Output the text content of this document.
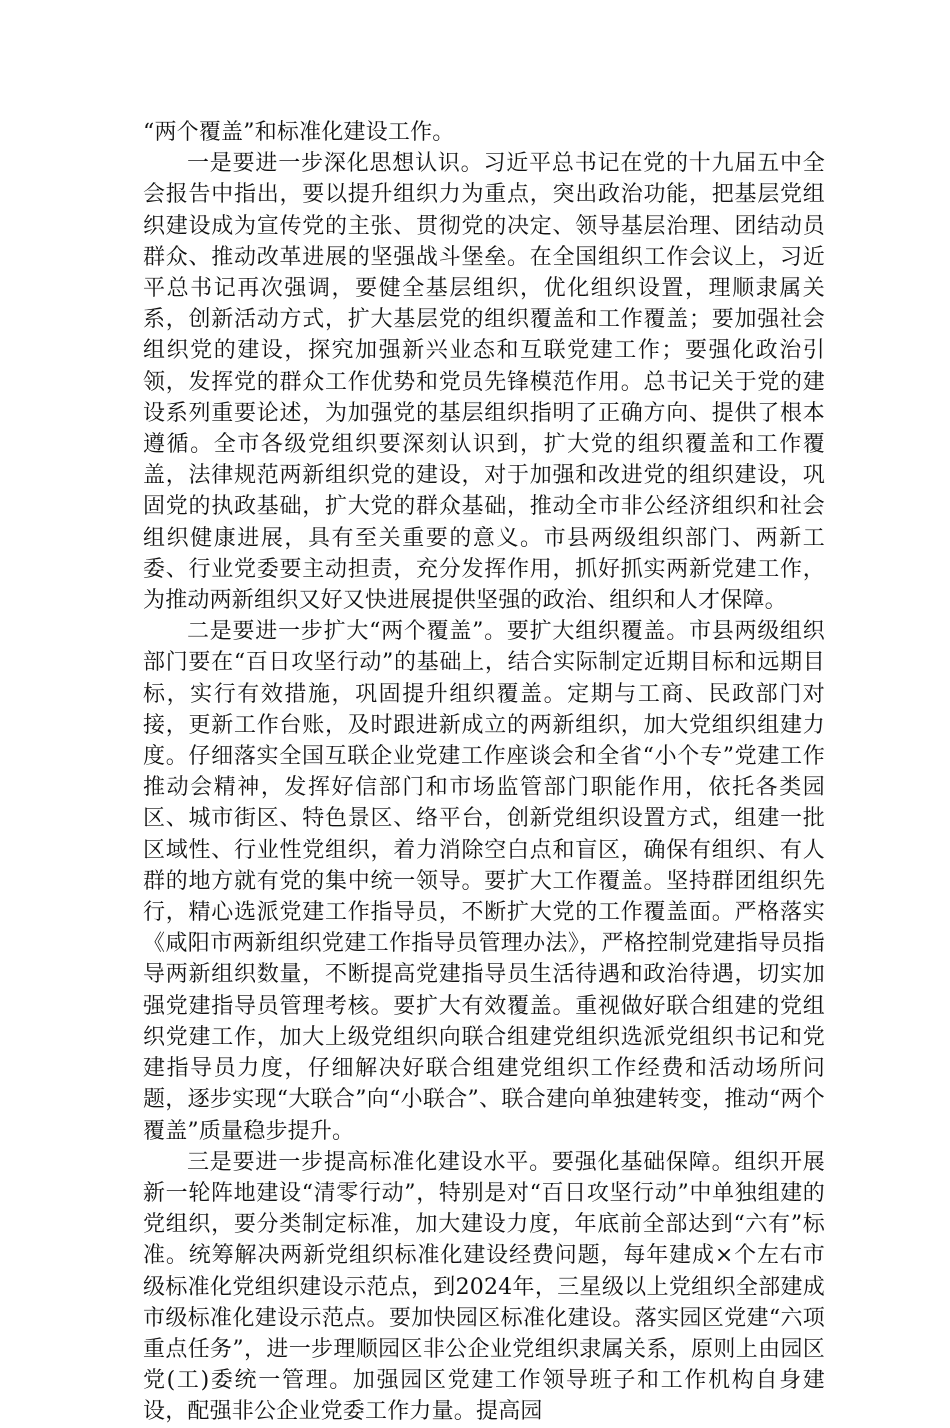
“两个覆盖”和标准化建设工作。

一是要进一步深化思想认识。习近平总书记在党的十九届五中全会报告中指出，要以提升组织力为重点，突出政治功能，把基层党组织建设成为宣传党的主张、贯彻党的决定、领导基层治理、团结动员群众、推动改革进展的坚强战斗堡垒。在全国组织工作会议上，习近平总书记再次强调，要健全基层组织，优化组织设置，理顺隶属关系，创新活动方式，扩大基层党的组织覆盖和工作覆盖；要加强社会组织党的建设，探究加强新兴业态和互联党建工作；要强化政治引领，发挥党的群众工作优势和党员先锋模范作用。总书记关于党的建设系列重要论述，为加强党的基层组织指明了正确方向、提供了根本遵循。全市各级党组织要深刻认识到，扩大党的组织覆盖和工作覆盖，法律规范两新组织党的建设，对于加强和改进党的组织建设，巩固党的执政基础，扩大党的群众基础，推动全市非公经济组织和社会组织健康进展，具有至关重要的意义。市县两级组织部门、两新工委、行业党委要主动担责，充分发挥作用，抓好抓实两新党建工作，为推动两新组织又好又快进展提供坚强的政治、组织和人才保障。

二是要进一步扩大“两个覆盖”。要扩大组织覆盖。市县两级组织部门要在“百日攻坚行动”的基础上，结合实际制定近期目标和远期目标，实行有效措施，巩固提升组织覆盖。定期与工商、民政部门对接，更新工作台账，及时跟进新成立的两新组织，加大党组织组建力度。仔细落实全国互联企业党建工作座谈会和全省“小个专”党建工作推动会精神，发挥好信部门和市场监管部门职能作用，依托各类园区、城市街区、特色景区、络平台，创新党组织设置方式，组建一批区域性、行业性党组织，着力消除空白点和盲区，确保有组织、有人群的地方就有党的集中统一领导。要扩大工作覆盖。坚持群团组织先行，精心选派党建工作指导员，不断扩大党的工作覆盖面。严格落实《咸阳市两新组织党建工作指导员管理办法》，严格控制党建指导员指导两新组织数量，不断提高党建指导员生活待遇和政治待遇，切实加强党建指导员管理考核。要扩大有效覆盖。重视做好联合组建的党组织党建工作，加大上级党组织向联合组建党组织选派党组织书记和党建指导员力度，仔细解决好联合组建党组织工作经费和活动场所问题，逐步实现“大联合”向“小联合”、联合建向单独建转变，推动“两个覆盖”质量稳步提升。

三是要进一步提高标准化建设水平。要强化基础保障。组织开展新一轮阵地建设“清零行动”，特别是对“百日攻坚行动”中单独组建的党组织，要分类制定标准，加大建设力度，年底前全部达到“六有”标准。统筹解决两新党组织标准化建设经费问题，每年建成×个左右市级标准化党组织建设示范点，到2024年，三星级以上党组织全部建成市级标准化建设示范点。要加快园区标准化建设。落实园区党建“六项重点任务”，进一步理顺园区非公企业党组织隶属关系，原则上由园区党(工)委统一管理。加强园区党建工作领导班子和工作机构自身建设，配强非公企业党委工作力量。提高园
